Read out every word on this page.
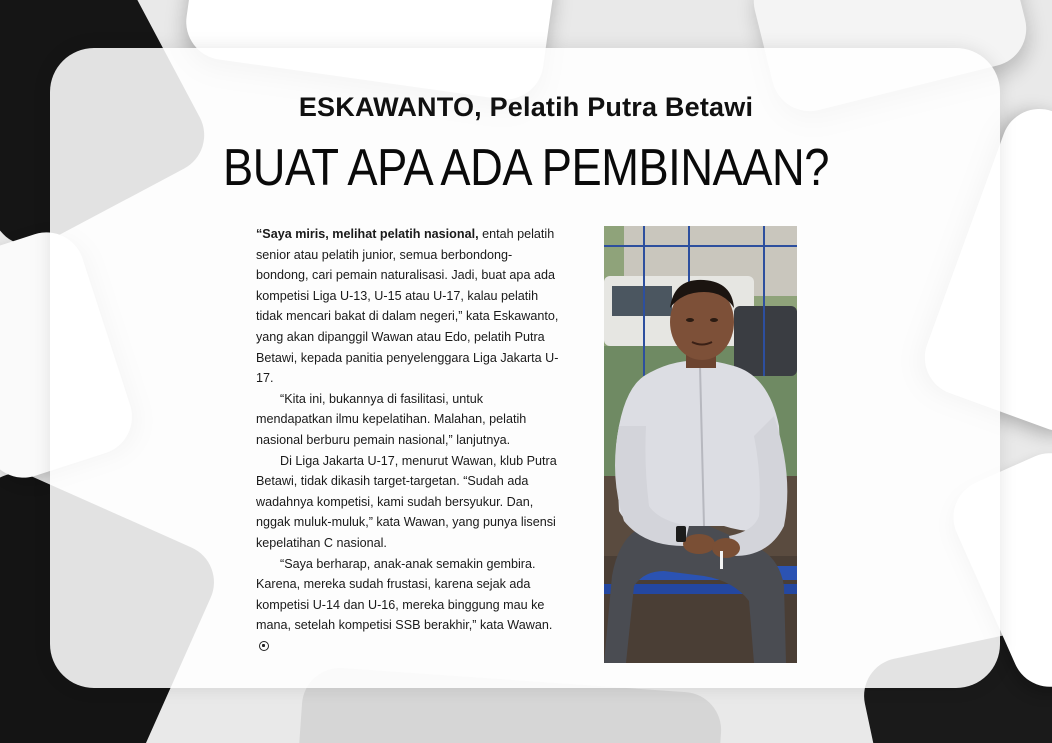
ESKAWANTO, Pelatih Putra Betawi
BUAT APA ADA PEMBINAAN?

“Saya miris, melihat pelatih nasional, entah pelatih senior atau pelatih junior, semua berbondong-bondong, cari pemain naturalisasi. Jadi, buat apa ada kompetisi Liga U-13, U-15 atau U-17, kalau pelatih tidak mencari bakat di dalam negeri,” kata Eskawanto, yang akan dipanggil Wawan atau Edo, pelatih Putra Betawi, kepada panitia penyelenggara Liga Jakarta U-17.

“Kita ini, bukannya di fasilitasi, untuk mendapatkan ilmu kepelatihan. Malahan, pelatih nasional berburu pemain nasional,” lanjutnya.

Di Liga Jakarta U-17, menurut Wawan, klub Putra Betawi, tidak dikasih target-targetan. “Sudah ada wadahnya kompetisi, kami sudah bersyukur. Dan, nggak muluk-muluk,” kata Wawan, yang punya lisensi kepelatihan C nasional.

“Saya berharap, anak-anak semakin gembira. Karena, mereka sudah frustasi, karena sejak ada kompetisi U-14 dan U-16, mereka binggung mau ke mana, setelah kompetisi SSB berakhir,” kata Wawan.
